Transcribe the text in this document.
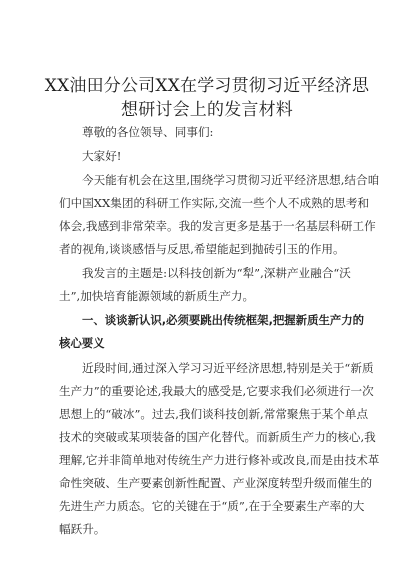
XX油田分公司XX在学习贯彻习近平经济思
想研讨会上的发言材料
尊敬的各位领导、同事们:
大家好!
今天能有机会在这里,围绕学习贯彻习近平经济思想,结合咱
们中国XX集团的科研工作实际,交流一些个人不成熟的思考和
体会,我感到非常荣幸。我的发言更多是基于一名基层科研工作
者的视角,谈谈感悟与反思,希望能起到抛砖引玉的作用。
我发言的主题是:以科技创新为“犁”,深耕产业融合“沃
土”,加快培育能源领域的新质生产力。
一、谈谈新认识,必须要跳出传统框架,把握新质生产力的
核心要义
近段时间,通过深入学习习近平经济思想,特别是关于“新质
生产力”的重要论述,我最大的感受是,它要求我们必须进行一次
思想上的“破冰”。过去,我们谈科技创新,常常聚焦于某个单点
技术的突破或某项装备的国产化替代。而新质生产力的核心,我
理解,它并非简单地对传统生产力进行修补或改良,而是由技术革
命性突破、生产要素创新性配置、产业深度转型升级而催生的
先进生产力质态。它的关键在于“质”,在于全要素生产率的大
幅跃升。
